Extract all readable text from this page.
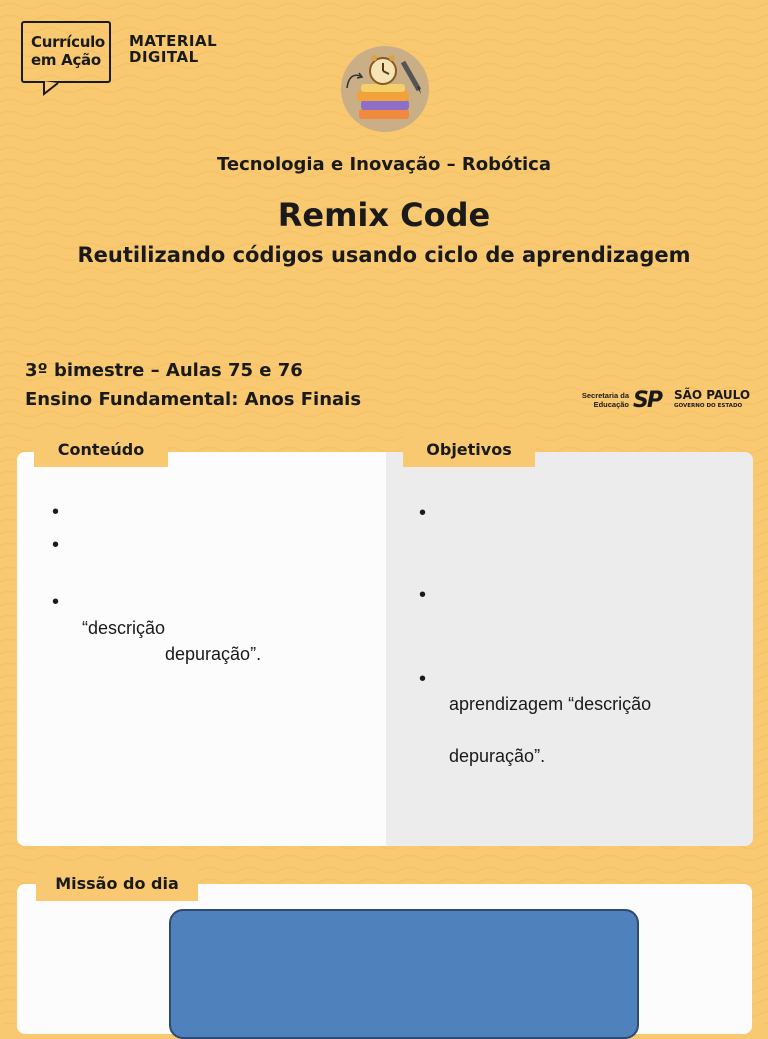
Currículo
em Ação
MATERIAL
DIGITAL
Tecnologia e Inovação – Robótica
Remix Code
Reutilizando códigos usando ciclo de aprendizagem
3º bimestre – Aulas 75 e 76
Ensino Fundamental: Anos Finais	Secretaria da
Educação SP SÃO PAULO
GOVERNO DO ESTADO
Conteúdo	Objetivos
•
•
•
“descrição
depuração”.
•
•
•
aprendizagem “descrição
depuração”.
Missão do dia
